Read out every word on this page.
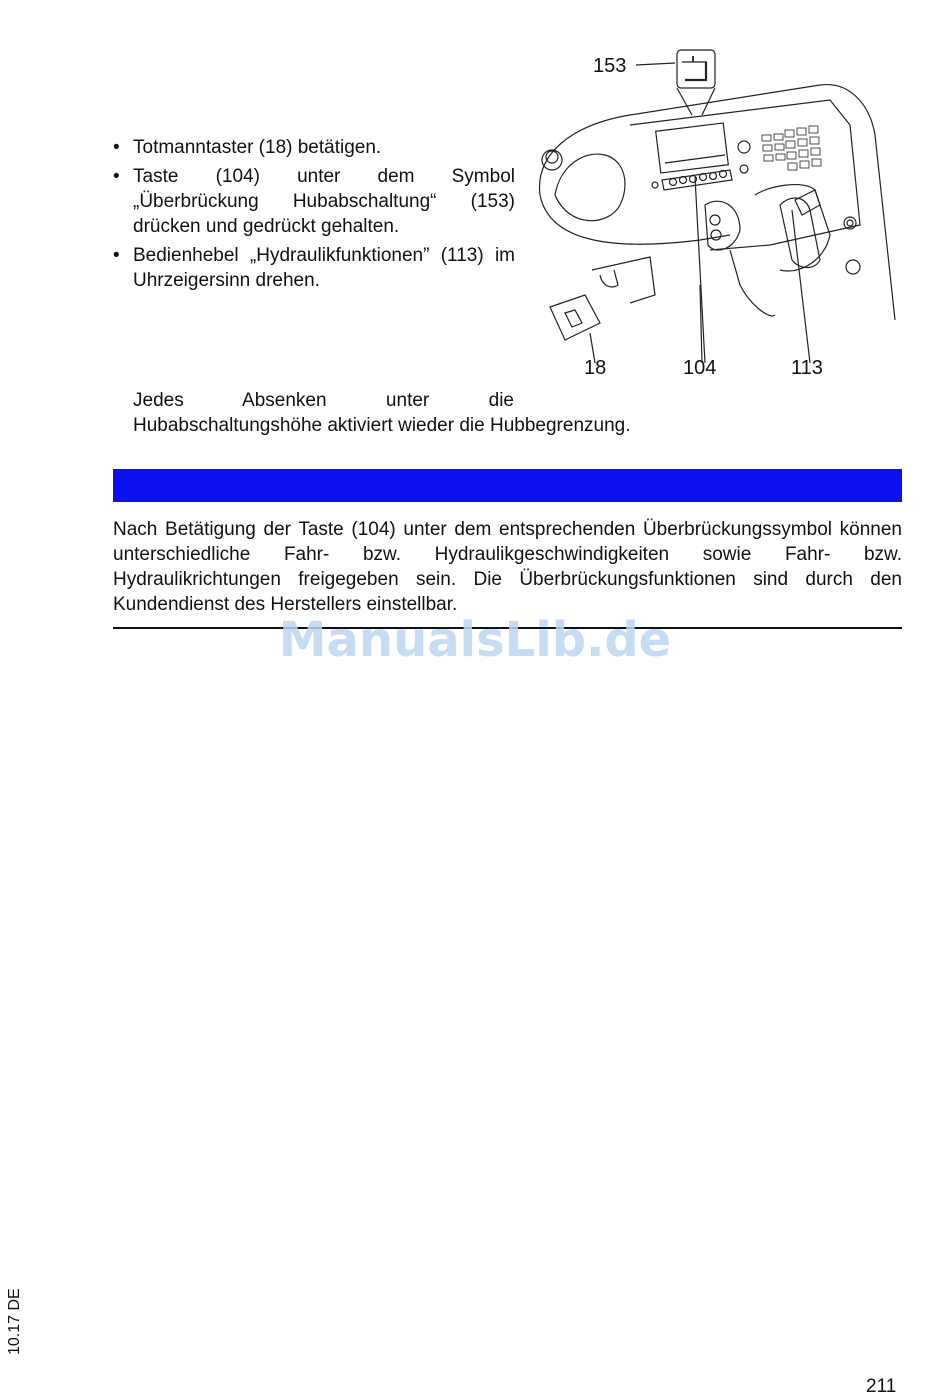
• Totmanntaster (18) betätigen.
• Taste (104) unter dem Symbol „Überbrückung Hubabschaltung“ (153) drücken und gedrückt gehalten.
• Bedienhebel „Hydraulikfunktionen” (113) im Uhrzeigersinn drehen.
153
18	104	113
Jedes Absenken unter die
Hubabschaltungshöhe aktiviert wieder die Hubbegrenzung.
Nach Betätigung der Taste (104) unter dem entsprechenden Überbrückungssymbol können unterschiedliche Fahr- bzw. Hydraulikgeschwindigkeiten sowie Fahr- bzw. Hydraulikrichtungen freigegeben sein. Die Überbrückungsfunktionen sind durch den Kundendienst des Herstellers einstellbar.
ManualsLib.de
10.17 DE
211
